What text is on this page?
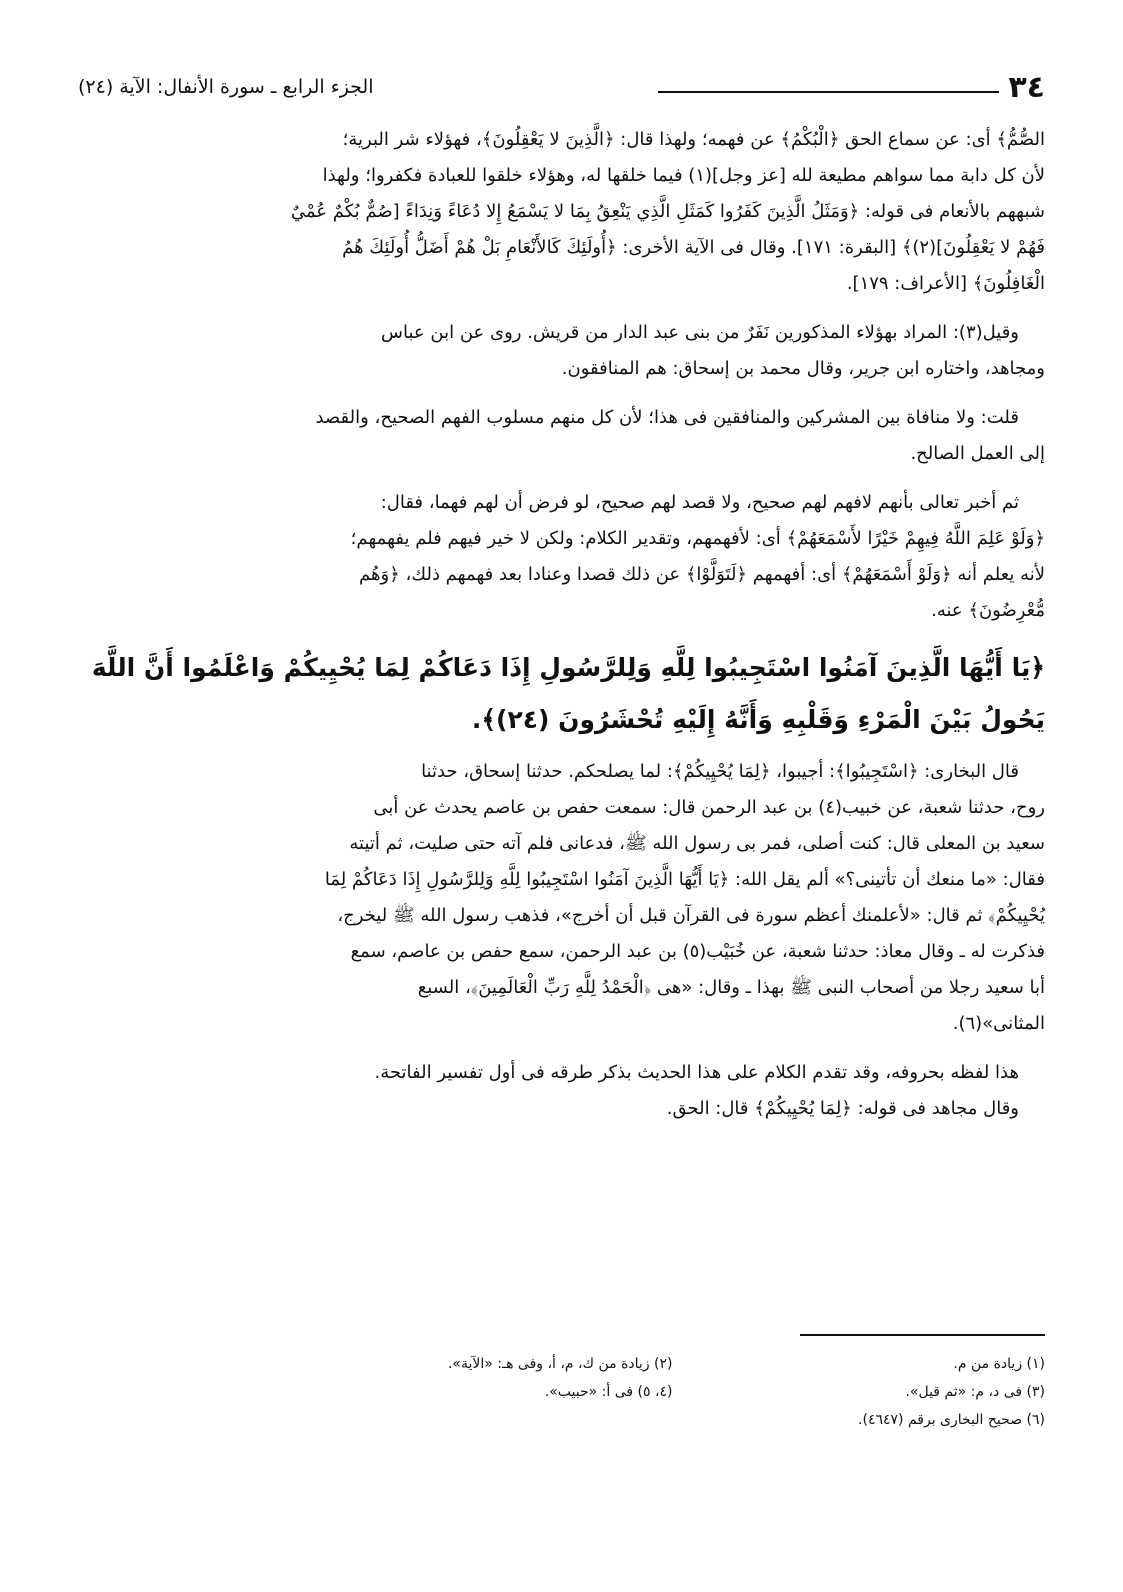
٣٤
الجزء الرابع ـ سورة الأنفال: الآية (٢٤)

الصُّمُّ﴾ أى: عن سماع الحق ﴿الْبُكْمُ﴾ عن فهمه؛ ولهذا قال: ﴿الَّذِينَ لا يَعْقِلُونَ﴾، فهؤلاء شر البرية؛
لأن كل دابة مما سواهم مطيعة لله [عز وجل](١) فيما خلقها له، وهؤلاء خلقوا للعبادة فكفروا؛ ولهذا
شبههم بالأنعام فى قوله: ﴿وَمَثَلُ الَّذِينَ كَفَرُوا كَمَثَلِ الَّذِي يَنْعِقُ بِمَا لا يَسْمَعُ إِلا دُعَاءً وَنِدَاءً [صُمٌّ بُكْمٌ عُمْيٌ
فَهُمْ لا يَعْقِلُونَ](٢)﴾ [البقرة: ١٧١]. وقال فى الآية الأخرى: ﴿أُولَئِكَ كَالأَنْعَامِ بَلْ هُمْ أَضَلُّ أُولَئِكَ هُمُ
الْغَافِلُونَ﴾ [الأعراف: ١٧٩].

وقيل(٣): المراد بهؤلاء المذكورين نَفَرٌ من بنى عبد الدار من قريش. روى عن ابن عباس
ومجاهد، واختاره ابن جرير، وقال محمد بن إسحاق: هم المنافقون.

قلت: ولا منافاة بين المشركين والمنافقين فى هذا؛ لأن كل منهم مسلوب الفهم الصحيح، والقصد
إلى العمل الصالح.

ثم أخبر تعالى بأنهم لافهم لهم صحيح، ولا قصد لهم صحيح، لو فرض أن لهم فهما، فقال:
﴿وَلَوْ عَلِمَ اللَّهُ فِيهِمْ خَيْرًا لأَسْمَعَهُمْ﴾ أى: لأفهمهم، وتقدير الكلام: ولكن لا خير فيهم فلم يفهمهم؛
لأنه يعلم أنه ﴿وَلَوْ أَسْمَعَهُمْ﴾ أى: أفهمهم ﴿لَتَوَلَّوْا﴾ عن ذلك قصدا وعنادا بعد فهمهم ذلك، ﴿وَهُم
مُّعْرِضُونَ﴾ عنه.

﴿يَا أَيُّهَا الَّذِينَ آمَنُوا اسْتَجِيبُوا لِلَّهِ وَلِلرَّسُولِ إِذَا دَعَاكُمْ لِمَا يُحْيِيكُمْ وَاعْلَمُوا أَنَّ اللَّهَ
يَحُولُ بَيْنَ الْمَرْءِ وَقَلْبِهِ وَأَنَّهُ إِلَيْهِ تُحْشَرُونَ (٢٤)﴾.

قال البخارى: ﴿اسْتَجِيبُوا﴾: أجيبوا، ﴿لِمَا يُحْيِيكُمْ﴾: لما يصلحكم. حدثنا إسحاق، حدثنا
روح، حدثنا شعبة، عن خبيب(٤) بن عبد الرحمن قال: سمعت حفص بن عاصم يحدث عن أبى
سعيد بن المعلى قال: كنت أصلى، فمر بى رسول الله ﷺ، فدعانى فلم آته حتى صليت، ثم أتيته
فقال: «ما منعك أن تأتينى؟» ألم يقل الله: ﴿يَا أَيُّهَا الَّذِينَ آمَنُوا اسْتَجِيبُوا لِلَّهِ وَلِلرَّسُولِ إِذَا دَعَاكُمْ لِمَا
يُحْيِيكُمْ﴾ ثم قال: «لأعلمنك أعظم سورة فى القرآن قبل أن أخرج»، فذهب رسول الله ﷺ ليخرج،
فذكرت له ـ وقال معاذ: حدثنا شعبة، عن خُبَيْب(٥) بن عبد الرحمن، سمع حفص بن عاصم، سمع
أبا سعيد رجلا من أصحاب النبى ﷺ بهذا ـ وقال: «هى ﴿الْحَمْدُ لِلَّهِ رَبِّ الْعَالَمِينَ﴾، السبع
المثانى»(٦).

هذا لفظه بحروفه، وقد تقدم الكلام على هذا الحديث بذكر طرقه فى أول تفسير الفاتحة.

وقال مجاهد فى قوله: ﴿لِمَا يُحْيِيكُمْ﴾ قال: الحق.

(١) زيادة من م.
(٢) زيادة من ك، م، أ، وفى هـ: «الآية».
(٣) فى د، م: «ثم قيل».
(٤، ٥) فى أ: «حبيب».
(٦) صحيح البخارى برقم (٤٦٤٧).
